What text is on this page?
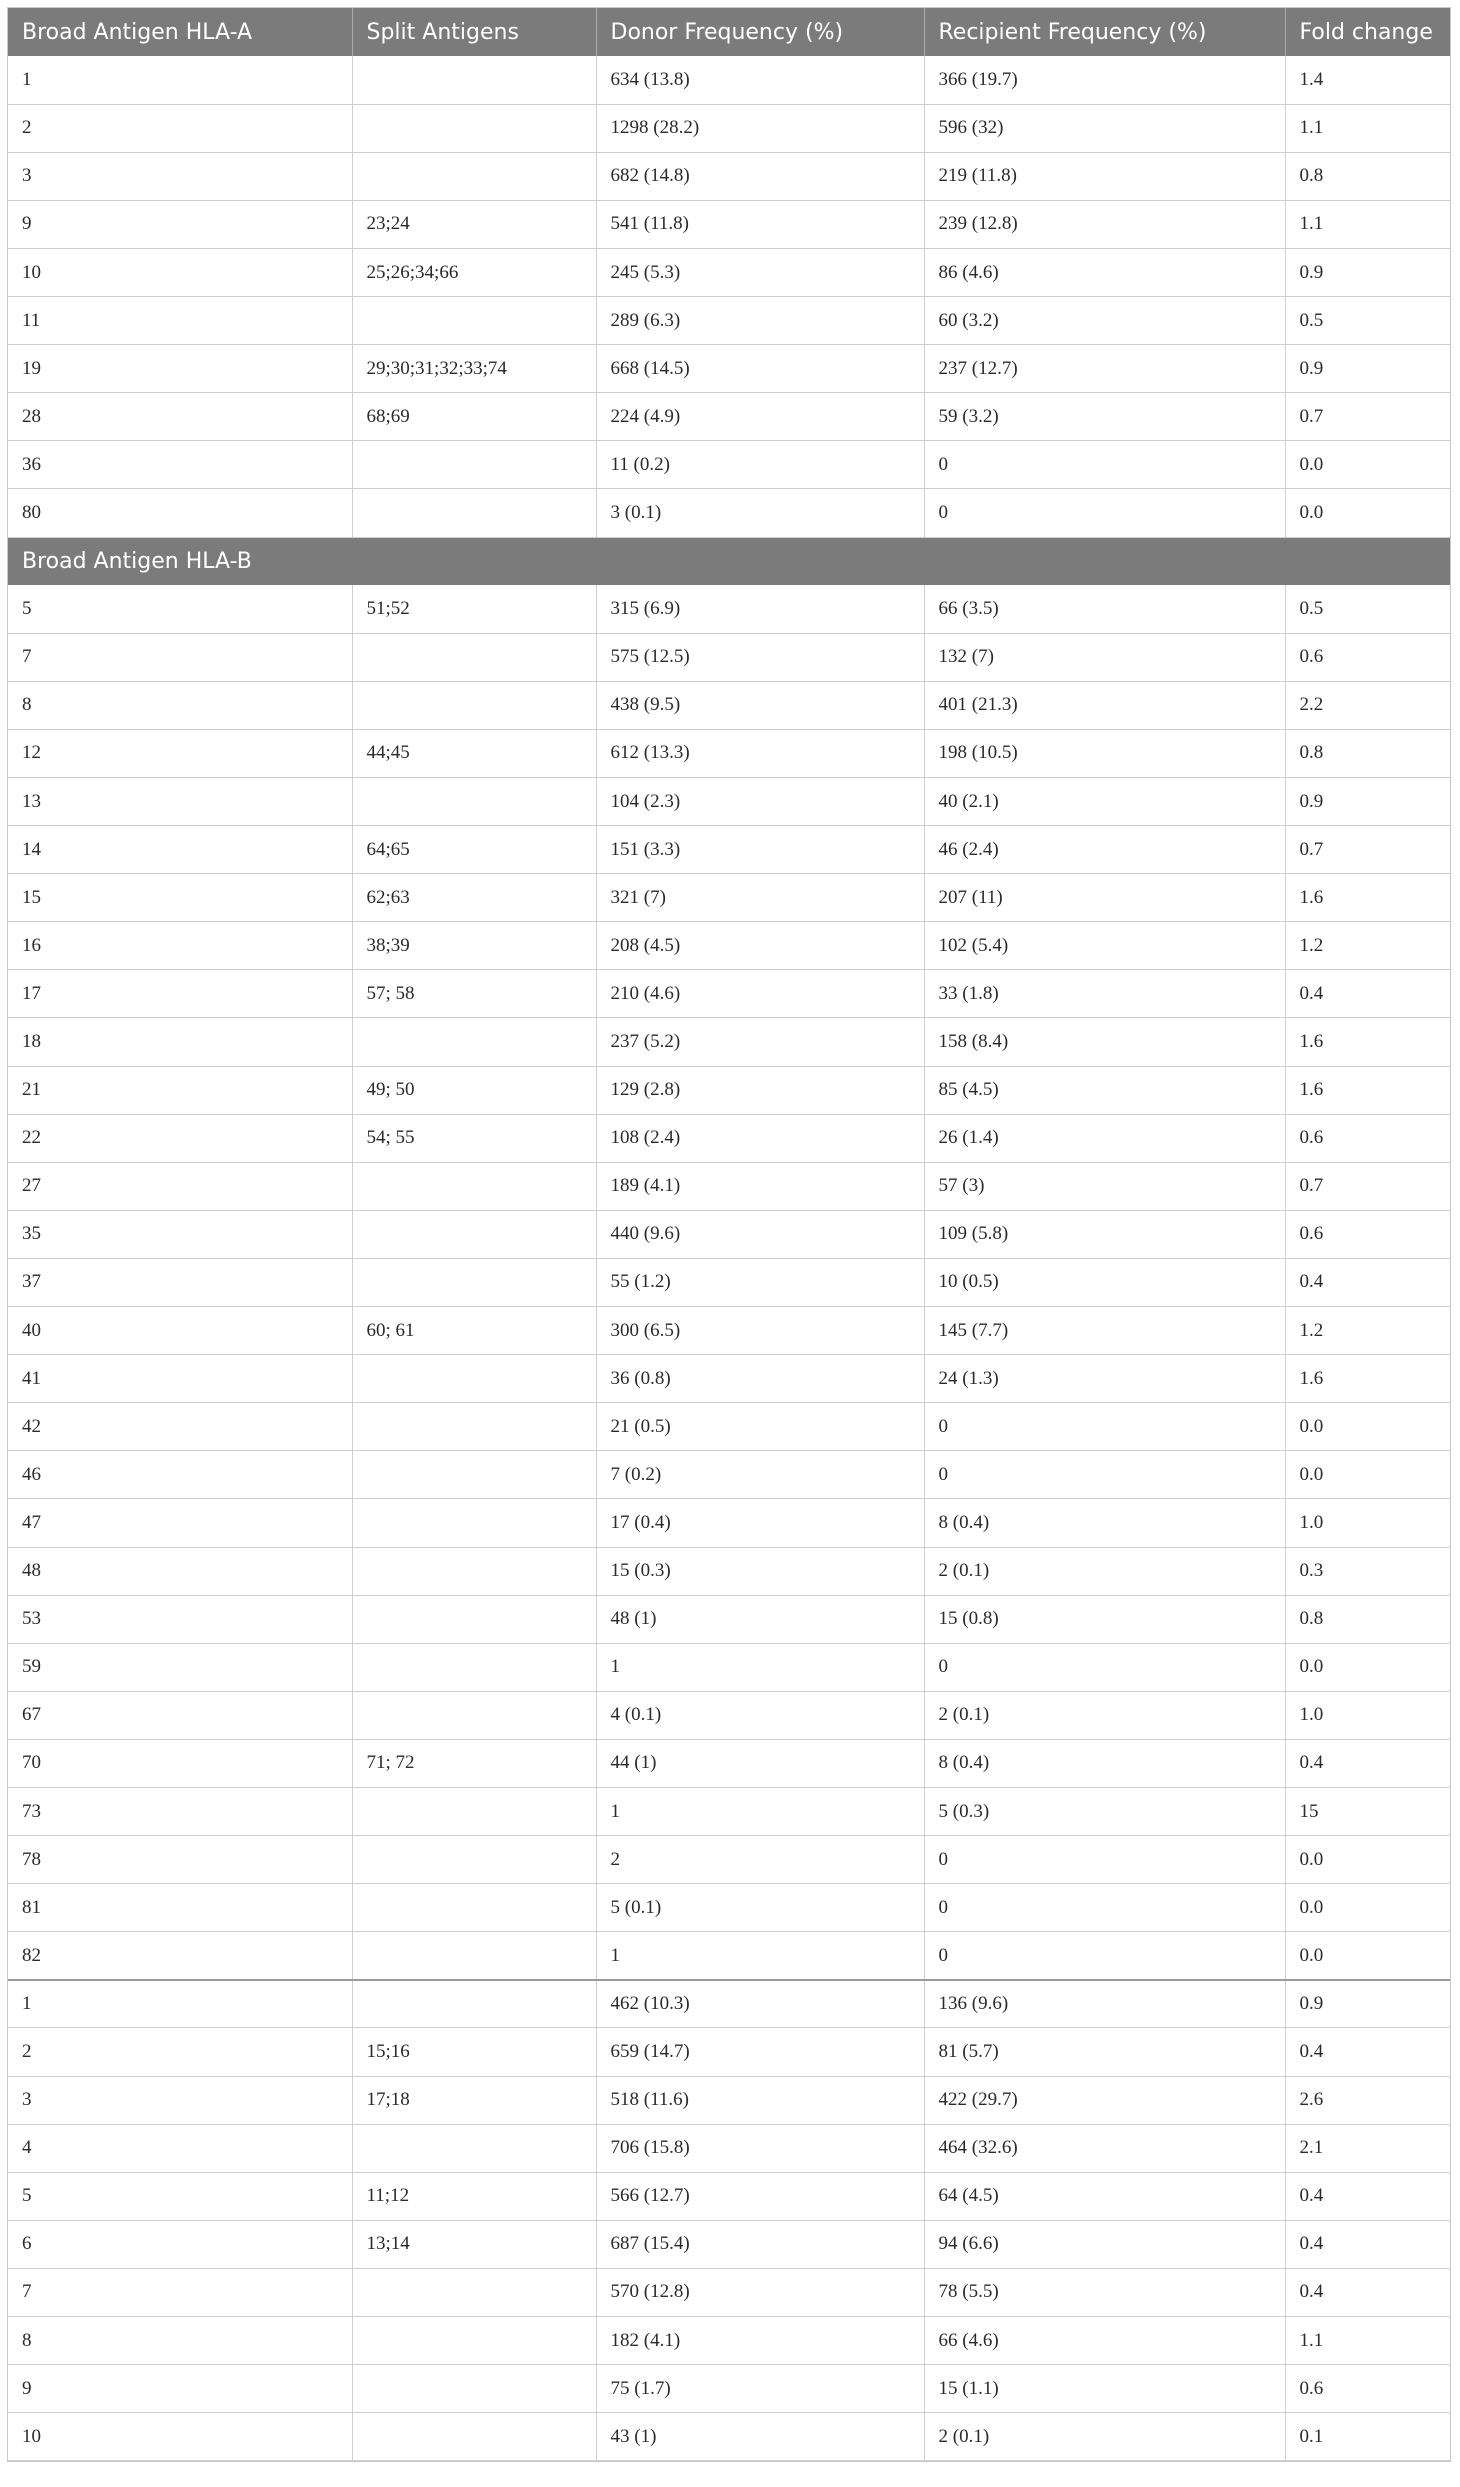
Broad Antigen HLA-A	Split Antigens	Donor Frequency (%)	Recipient Frequency (%)	Fold change
1		634 (13.8)	366 (19.7)	1.4
2		1298 (28.2)	596 (32)	1.1
3		682 (14.8)	219 (11.8)	0.8
9	23;24	541 (11.8)	239 (12.8)	1.1
10	25;26;34;66	245 (5.3)	86 (4.6)	0.9
11		289 (6.3)	60 (3.2)	0.5
19	29;30;31;32;33;74	668 (14.5)	237 (12.7)	0.9
28	68;69	224 (4.9)	59 (3.2)	0.7
36		11 (0.2)	0	0.0
80		3 (0.1)	0	0.0
Broad Antigen HLA-B				
5	51;52	315 (6.9)	66 (3.5)	0.5
7		575 (12.5)	132 (7)	0.6
8		438 (9.5)	401 (21.3)	2.2
12	44;45	612 (13.3)	198 (10.5)	0.8
13		104 (2.3)	40 (2.1)	0.9
14	64;65	151 (3.3)	46 (2.4)	0.7
15	62;63	321 (7)	207 (11)	1.6
16	38;39	208 (4.5)	102 (5.4)	1.2
17	57; 58	210 (4.6)	33 (1.8)	0.4
18		237 (5.2)	158 (8.4)	1.6
21	49; 50	129 (2.8)	85 (4.5)	1.6
22	54; 55	108 (2.4)	26 (1.4)	0.6
27		189 (4.1)	57 (3)	0.7
35		440 (9.6)	109 (5.8)	0.6
37		55 (1.2)	10 (0.5)	0.4
40	60; 61	300 (6.5)	145 (7.7)	1.2
41		36 (0.8)	24 (1.3)	1.6
42		21 (0.5)	0	0.0
46		7 (0.2)	0	0.0
47		17 (0.4)	8 (0.4)	1.0
48		15 (0.3)	2 (0.1)	0.3
53		48 (1)	15 (0.8)	0.8
59		1	0	0.0
67		4 (0.1)	2 (0.1)	1.0
70	71; 72	44 (1)	8 (0.4)	0.4
73		1	5 (0.3)	15
78		2	0	0.0
81		5 (0.1)	0	0.0
82		1	0	0.0
1		462 (10.3)	136 (9.6)	0.9
2	15;16	659 (14.7)	81 (5.7)	0.4
3	17;18	518 (11.6)	422 (29.7)	2.6
4		706 (15.8)	464 (32.6)	2.1
5	11;12	566 (12.7)	64 (4.5)	0.4
6	13;14	687 (15.4)	94 (6.6)	0.4
7		570 (12.8)	78 (5.5)	0.4
8		182 (4.1)	66 (4.6)	1.1
9		75 (1.7)	15 (1.1)	0.6
10		43 (1)	2 (0.1)	0.1
